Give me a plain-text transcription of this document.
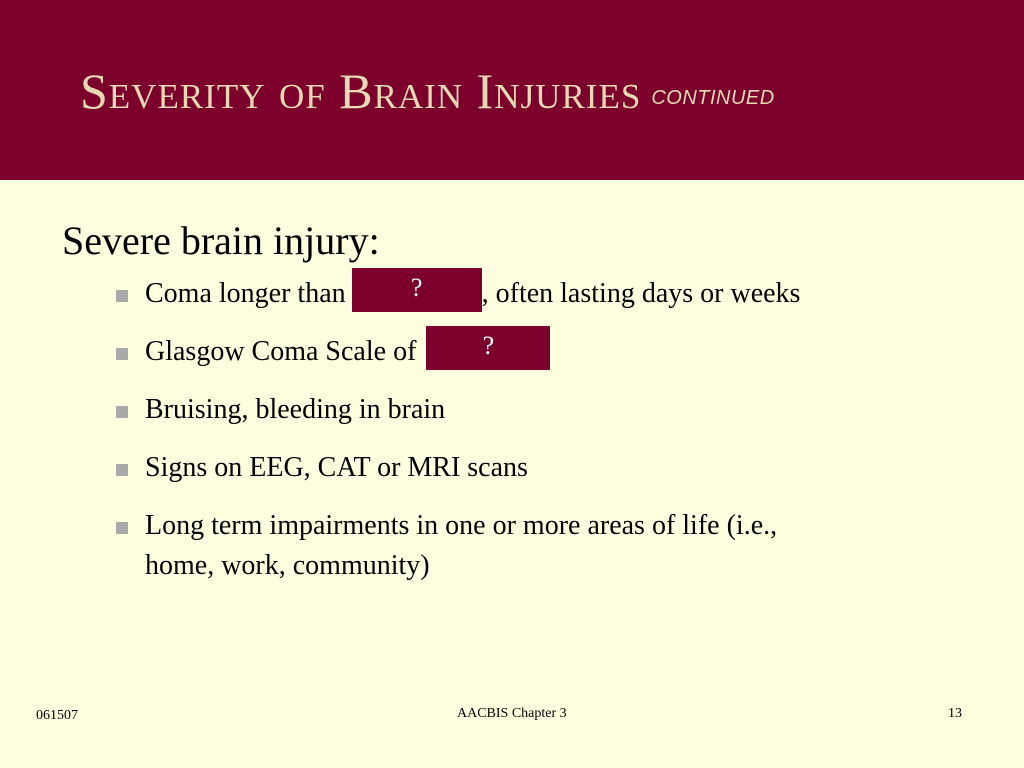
Severity of Brain Injuries CONTINUED
Severe brain injury:
Coma longer than	? , often lasting days or weeks
Glasgow Coma Scale of	?
Bruising, bleeding in brain
Signs on EEG, CAT or MRI scans
Long term impairments in one or more areas of life (i.e.,
home, work, community)
061507	AACBIS Chapter 3	13
